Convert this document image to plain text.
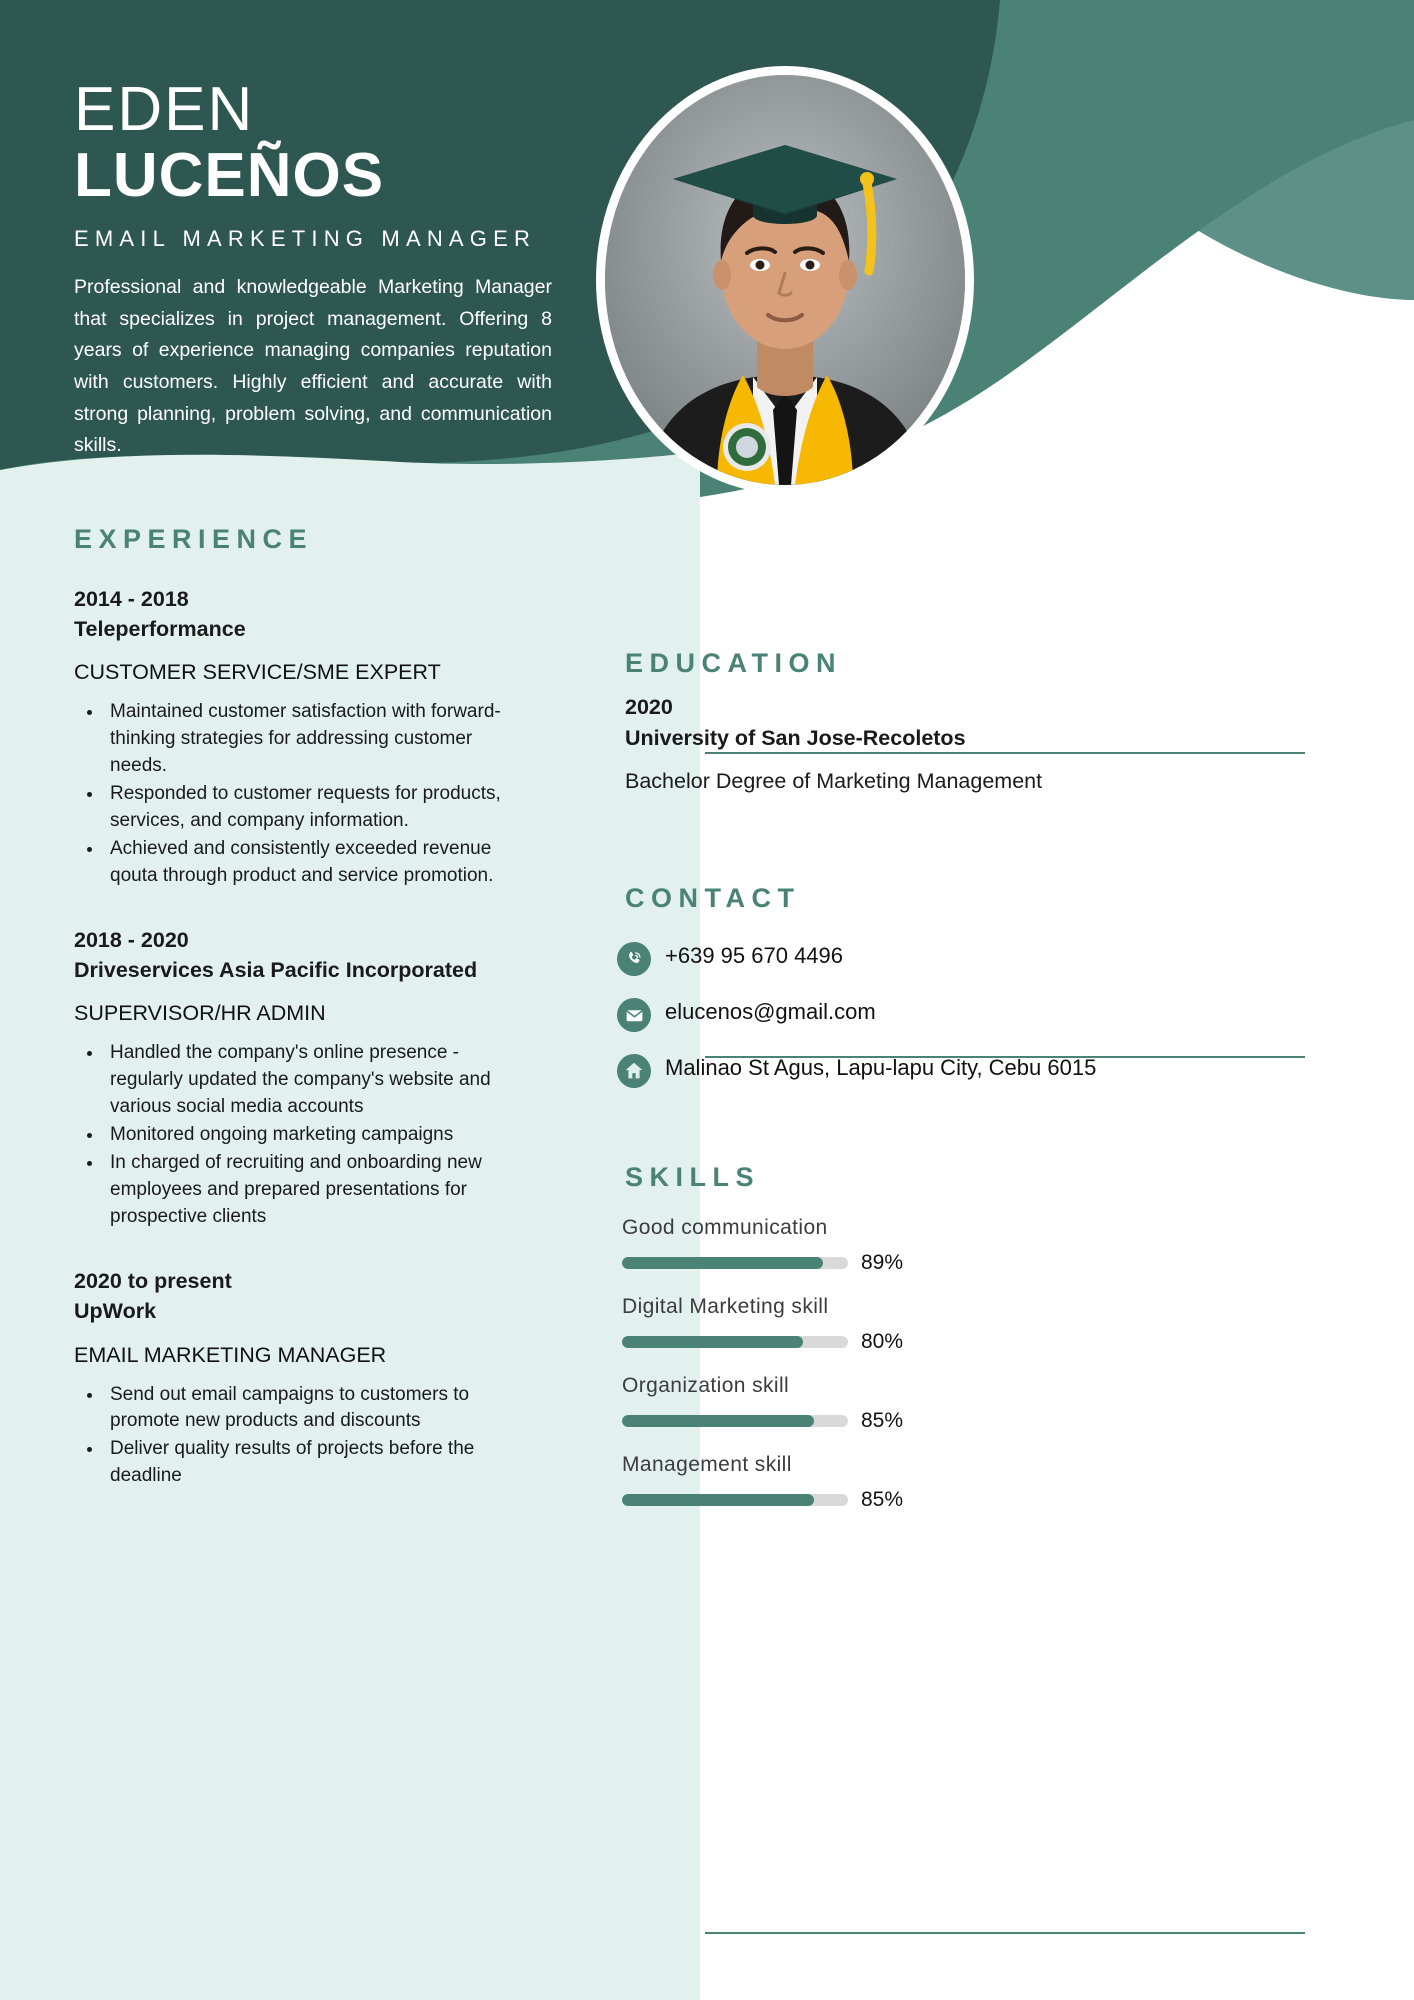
EDEN
LUCEÑOS
EMAIL MARKETING MANAGER
Professional and knowledgeable Marketing Manager that specializes in project management. Offering 8 years of experience managing companies reputation with customers. Highly efficient and accurate with strong planning, problem solving, and communication skills.
EXPERIENCE
2014 - 2018
Teleperformance
CUSTOMER SERVICE/SME EXPERT
• Maintained customer satisfaction with forward-thinking strategies for addressing customer needs.
• Responded to customer requests for products, services, and company information.
• Achieved and consistently exceeded revenue qouta through product and service promotion.
2018 - 2020
Driveservices Asia Pacific Incorporated
SUPERVISOR/HR ADMIN
• Handled the company's online presence - regularly updated the company's website and various social media accounts
• Monitored ongoing marketing campaigns
• In charged of recruiting and onboarding new employees and prepared presentations for prospective clients
2020 to present
UpWork
EMAIL MARKETING MANAGER
• Send out email campaigns to customers to promote new products and discounts
• Deliver quality results of projects before the deadline
EDUCATION
2020
University of San Jose-Recoletos
Bachelor Degree of Marketing Management
CONTACT
+639 95 670 4496
elucenos@gmail.com
Malinao St Agus, Lapu-lapu City, Cebu 6015
SKILLS
Good communication
89%
Digital Marketing skill
80%
Organization skill
85%
Management skill
85%
